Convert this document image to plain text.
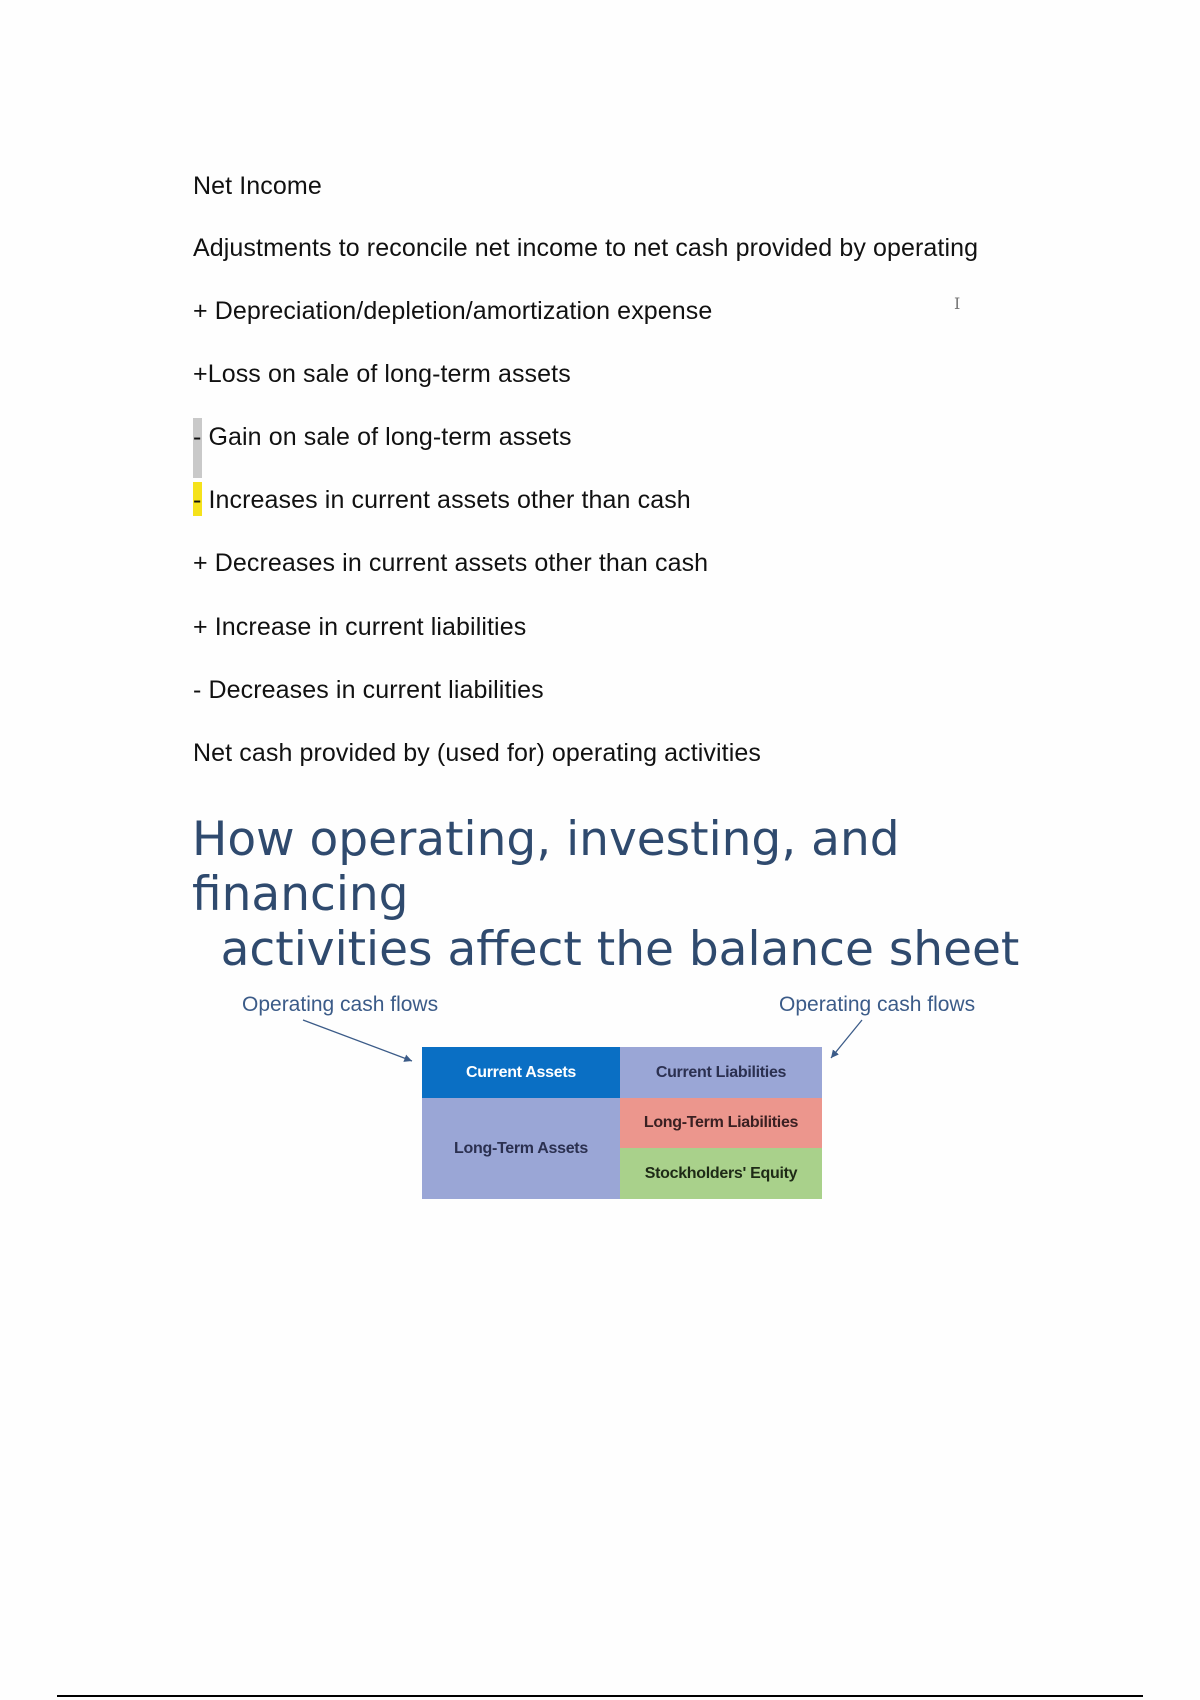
Net Income
Adjustments to reconcile net income to net cash provided by operating
+ Depreciation/depletion/amortization expense
+Loss on sale of long-term assets
- Gain on sale of long-term assets
- Increases in current assets other than cash
+ Decreases in current assets other than cash
+ Increase in current liabilities
- Decreases in current liabilities
Net cash provided by (used for) operating activities
I
How operating, investing, and financing
activities affect the balance sheet
Operating cash flows	Operating cash flows
Current Assets
Long-Term Assets
Current Liabilities
Long-Term Liabilities
Stockholders' Equity
